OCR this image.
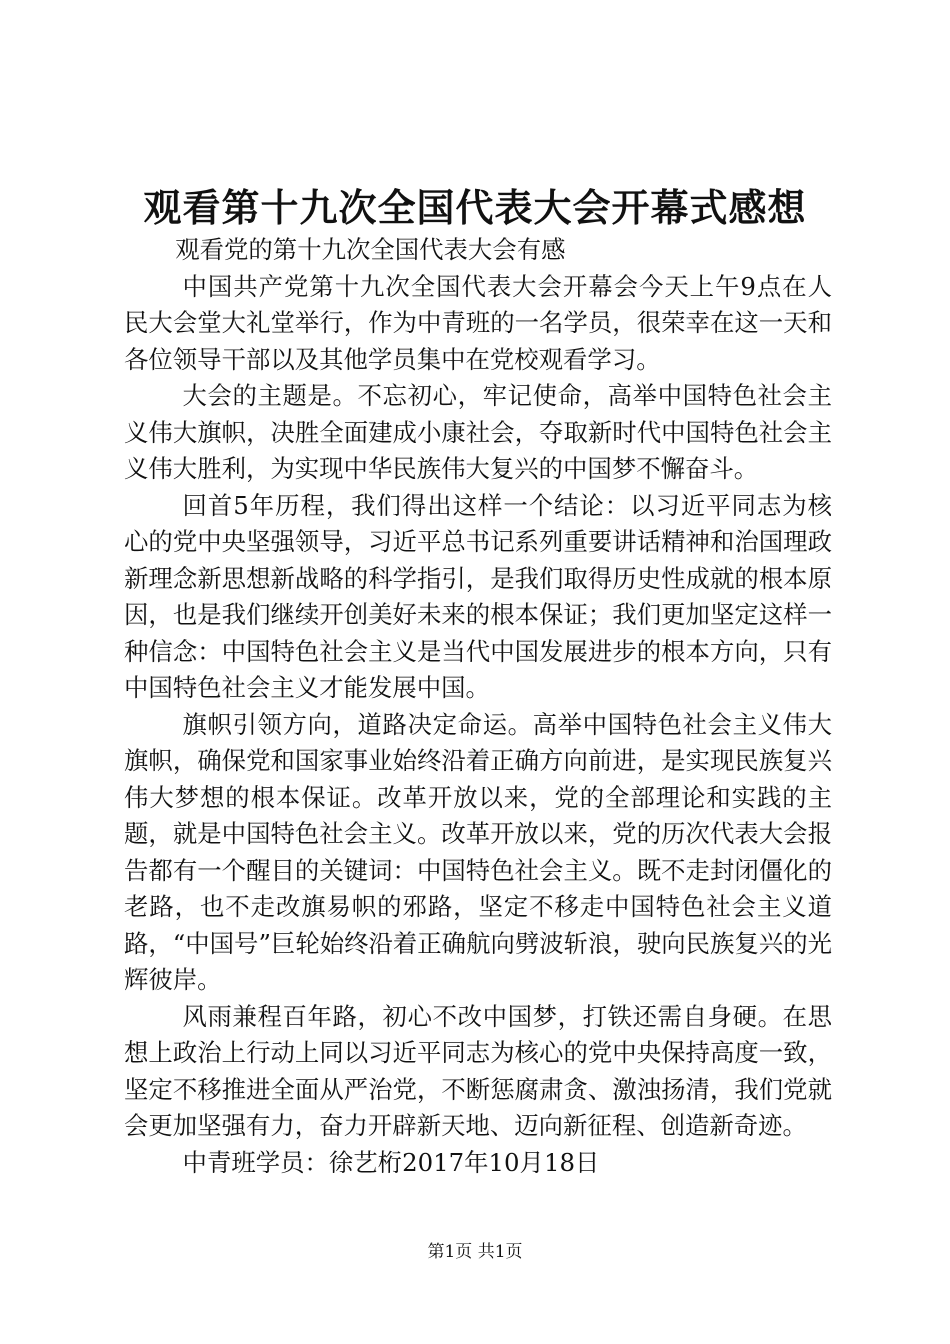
观看第十九次全国代表大会开幕式感想

观看党的第十九次全国代表大会有感

中国共产党第十九次全国代表大会开幕会今天上午9点在人民大会堂大礼堂举行，作为中青班的一名学员，很荣幸在这一天和各位领导干部以及其他学员集中在党校观看学习。

大会的主题是。不忘初心，牢记使命，高举中国特色社会主义伟大旗帜，决胜全面建成小康社会，夺取新时代中国特色社会主义伟大胜利，为实现中华民族伟大复兴的中国梦不懈奋斗。

回首5年历程，我们得出这样一个结论：以习近平同志为核心的党中央坚强领导，习近平总书记系列重要讲话精神和治国理政新理念新思想新战略的科学指引，是我们取得历史性成就的根本原因，也是我们继续开创美好未来的根本保证；我们更加坚定这样一种信念：中国特色社会主义是当代中国发展进步的根本方向，只有中国特色社会主义才能发展中国。

旗帜引领方向，道路决定命运。高举中国特色社会主义伟大旗帜，确保党和国家事业始终沿着正确方向前进，是实现民族复兴伟大梦想的根本保证。改革开放以来，党的全部理论和实践的主题，就是中国特色社会主义。改革开放以来，党的历次代表大会报告都有一个醒目的关键词：中国特色社会主义。既不走封闭僵化的老路，也不走改旗易帜的邪路，坚定不移走中国特色社会主义道路，“中国号”巨轮始终沿着正确航向劈波斩浪，驶向民族复兴的光辉彼岸。

风雨兼程百年路，初心不改中国梦，打铁还需自身硬。在思想上政治上行动上同以习近平同志为核心的党中央保持高度一致，坚定不移推进全面从严治党，不断惩腐肃贪、激浊扬清，我们党就会更加坚强有力，奋力开辟新天地、迈向新征程、创造新奇迹。

中青班学员：徐艺桁2017年10月18日

第1页 共1页
